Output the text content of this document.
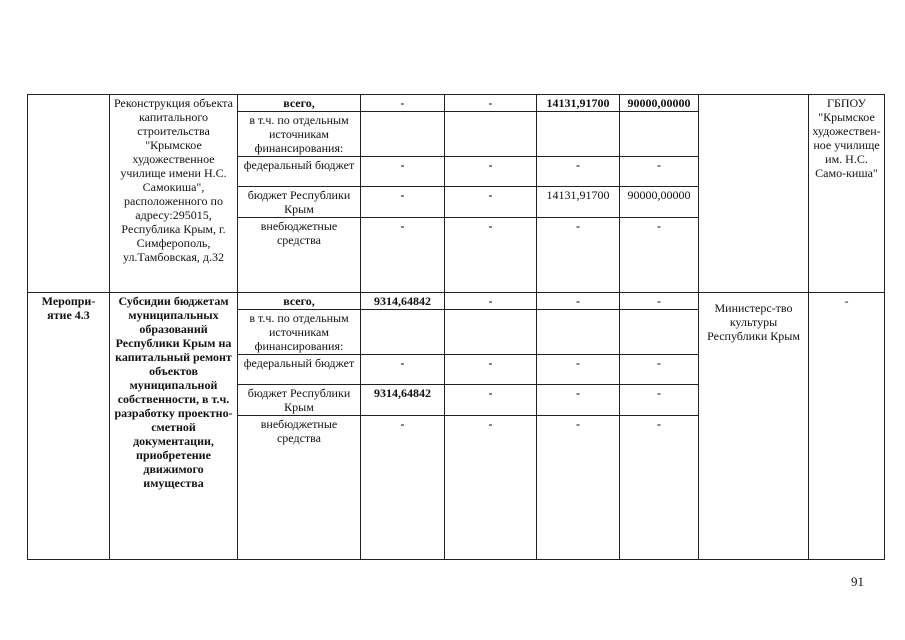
	Реконструкция объекта капитального строительства "Крымское художественное училище имени Н.С. Самокиша", расположенного по адресу:295015, Республика Крым, г. Симферополь, ул.Тамбовская, д.32	всего,	-	-	14131,91700	90000,00000		ГБПОУ "Крымское художествен-ное училище им. Н.С. Само-киша"
		в т.ч. по отдельным источникам финансирования:						
		федеральный бюджет	-	-	-	-		
		бюджет Республики Крым	-	-	14131,91700	90000,00000		
		внебюджетные средства	-	-	-	-		
Меропри-ятие 4.3	Субсидии бюджетам муниципальных образований Республики Крым на капитальный ремонт объектов муниципальной собственности, в т.ч. разработку проектно-сметной документации, приобретение движимого имущества	всего,	9314,64842	-	-	-	Министерс-тво культуры Республики Крым	-
		в т.ч. по отдельным источникам финансирования:						
		федеральный бюджет	-	-	-	-		
		бюджет Республики Крым	9314,64842	-	-	-		
		внебюджетные средства	-	-	-	-		
91
